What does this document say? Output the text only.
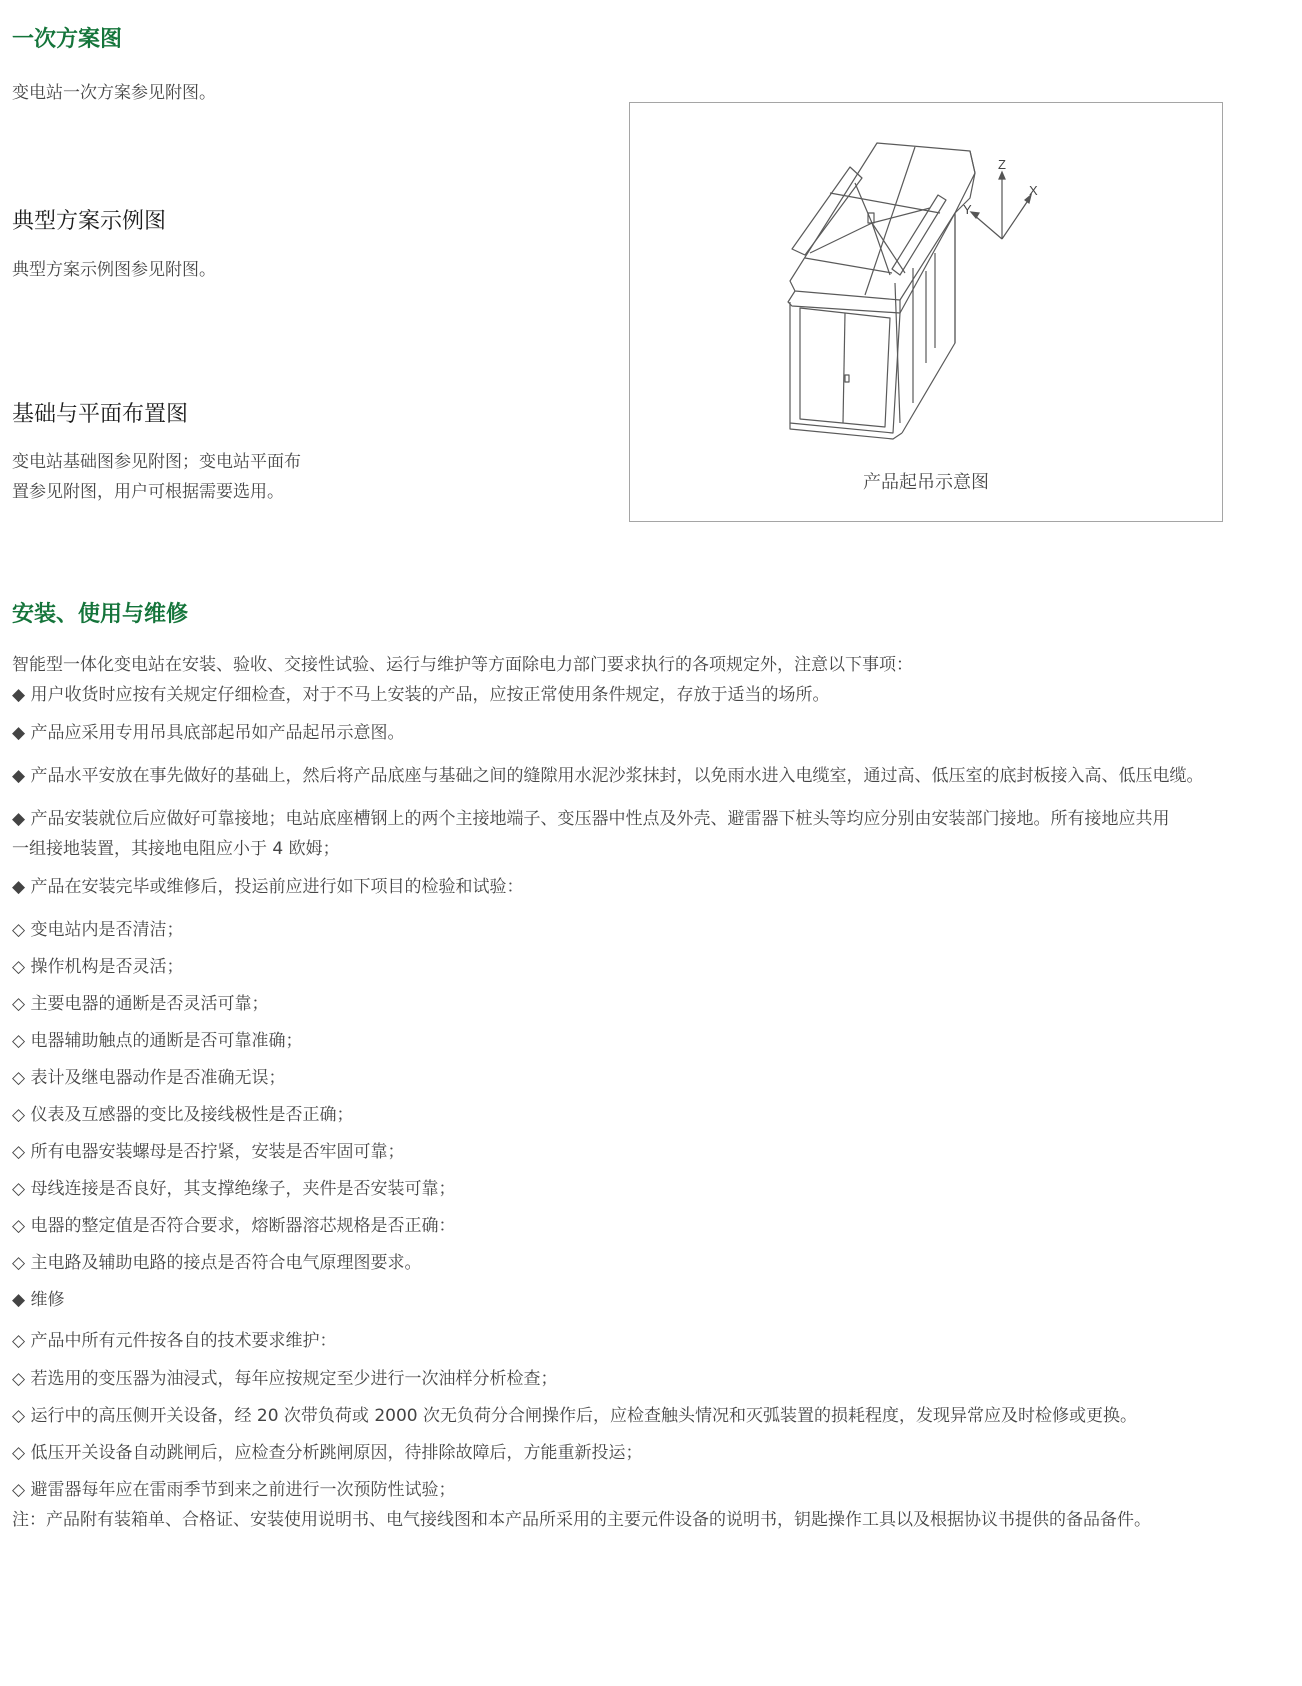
一次方案图
变电站一次方案参见附图。
典型方案示例图
典型方案示例图参见附图。
基础与平面布置图
变电站基础图参见附图；变电站平面布
置参见附图，用户可根据需要选用。
Z
X
Y
产品起吊示意图
安装、使用与维修
智能型一体化变电站在安装、验收、交接性试验、运行与维护等方面除电力部门要求执行的各项规定外，注意以下事项：
◆ 用户收货时应按有关规定仔细检查，对于不马上安装的产品，应按正常使用条件规定，存放于适当的场所。
◆ 产品应采用专用吊具底部起吊如产品起吊示意图。
◆ 产品水平安放在事先做好的基础上，然后将产品底座与基础之间的缝隙用水泥沙浆抹封，以免雨水进入电缆室，通过高、低压室的底封板接入高、低压电缆。
◆ 产品安装就位后应做好可靠接地；电站底座槽钢上的两个主接地端子、变压器中性点及外壳、避雷器下桩头等均应分别由安装部门接地。所有接地应共用
一组接地装置，其接地电阻应小于 4 欧姆；
◆ 产品在安装完毕或维修后，投运前应进行如下项目的检验和试验：
◇ 变电站内是否清洁；
◇ 操作机构是否灵活；
◇ 主要电器的通断是否灵活可靠；
◇ 电器辅助触点的通断是否可靠准确；
◇ 表计及继电器动作是否准确无误；
◇ 仪表及互感器的变比及接线极性是否正确；
◇ 所有电器安装螺母是否拧紧，安装是否牢固可靠；
◇ 母线连接是否良好，其支撑绝缘子，夹件是否安装可靠；
◇ 电器的整定值是否符合要求，熔断器溶芯规格是否正确：
◇ 主电路及辅助电路的接点是否符合电气原理图要求。
◆ 维修
◇ 产品中所有元件按各自的技术要求维护：
◇ 若选用的变压器为油浸式，每年应按规定至少进行一次油样分析检查；
◇ 运行中的高压侧开关设备，经 20 次带负荷或 2000 次无负荷分合闸操作后，应检查触头情况和灭弧装置的损耗程度，发现异常应及时检修或更换。
◇ 低压开关设备自动跳闸后，应检查分析跳闸原因，待排除故障后，方能重新投运；
◇ 避雷器每年应在雷雨季节到来之前进行一次预防性试验；
注：产品附有装箱单、合格证、安装使用说明书、电气接线图和本产品所采用的主要元件设备的说明书，钥匙操作工具以及根据协议书提供的备品备件。
